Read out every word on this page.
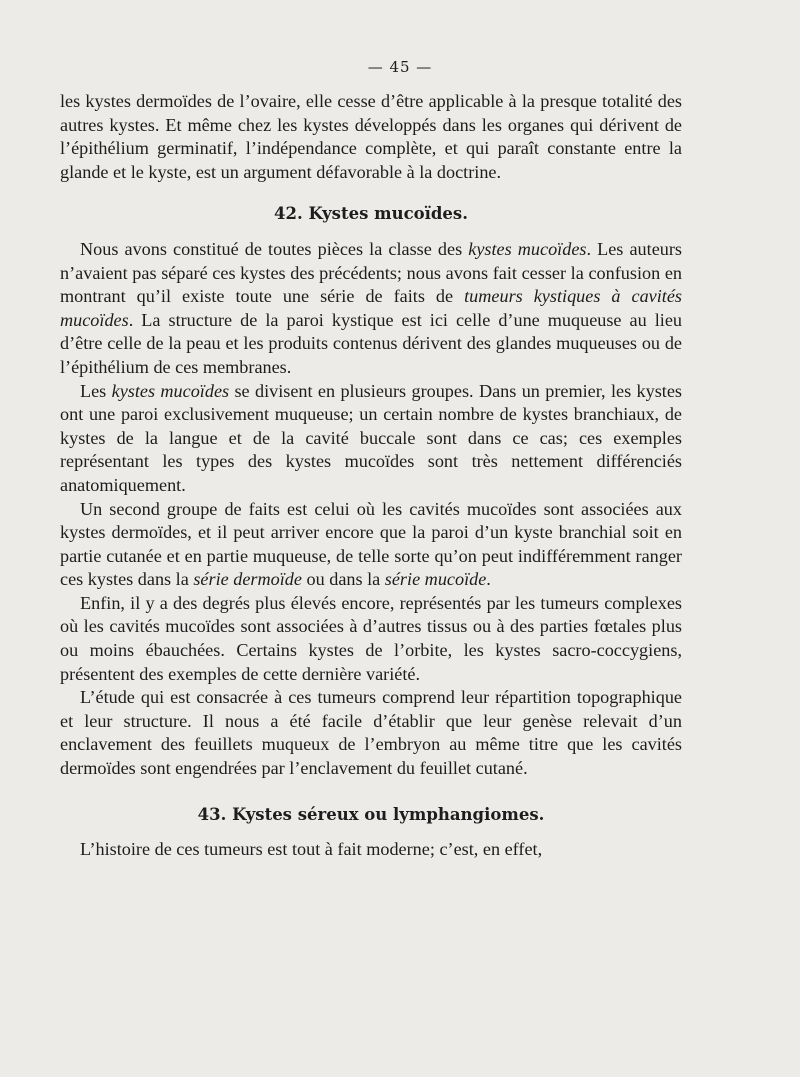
— 45 —

les kystes dermoïdes de l’ovaire, elle cesse d’être applicable à la presque totalité des autres kystes. Et même chez les kystes développés dans les organes qui dérivent de l’épithélium germinatif, l’indépendance complète, et qui paraît constante entre la glande et le kyste, est un argument défavorable à la doctrine.

42. Kystes mucoïdes.

Nous avons constitué de toutes pièces la classe des kystes mucoïdes. Les auteurs n’avaient pas séparé ces kystes des précédents; nous avons fait cesser la confusion en montrant qu’il existe toute une série de faits de tumeurs kystiques à cavités mucoïdes. La structure de la paroi kystique est ici celle d’une muqueuse au lieu d’être celle de la peau et les produits contenus dérivent des glandes muqueuses ou de l’épithélium de ces membranes.

Les kystes mucoïdes se divisent en plusieurs groupes. Dans un premier, les kystes ont une paroi exclusivement muqueuse; un certain nombre de kystes branchiaux, de kystes de la langue et de la cavité buccale sont dans ce cas; ces exemples représentant les types des kystes mucoïdes sont très nettement différenciés anatomiquement.

Un second groupe de faits est celui où les cavités mucoïdes sont associées aux kystes dermoïdes, et il peut arriver encore que la paroi d’un kyste branchial soit en partie cutanée et en partie muqueuse, de telle sorte qu’on peut indifféremment ranger ces kystes dans la série dermoïde ou dans la série mucoïde.

Enfin, il y a des degrés plus élevés encore, représentés par les tumeurs complexes où les cavités mucoïdes sont associées à d’autres tissus ou à des parties fœtales plus ou moins ébauchées. Certains kystes de l’orbite, les kystes sacro-coccygiens, présentent des exemples de cette dernière variété.

L’étude qui est consacrée à ces tumeurs comprend leur répartition topographique et leur structure. Il nous a été facile d’établir que leur genèse relevait d’un enclavement des feuillets muqueux de l’embryon au même titre que les cavités dermoïdes sont engendrées par l’enclavement du feuillet cutané.

43. Kystes séreux ou lymphangiomes.

L’histoire de ces tumeurs est tout à fait moderne; c’est, en effet,
